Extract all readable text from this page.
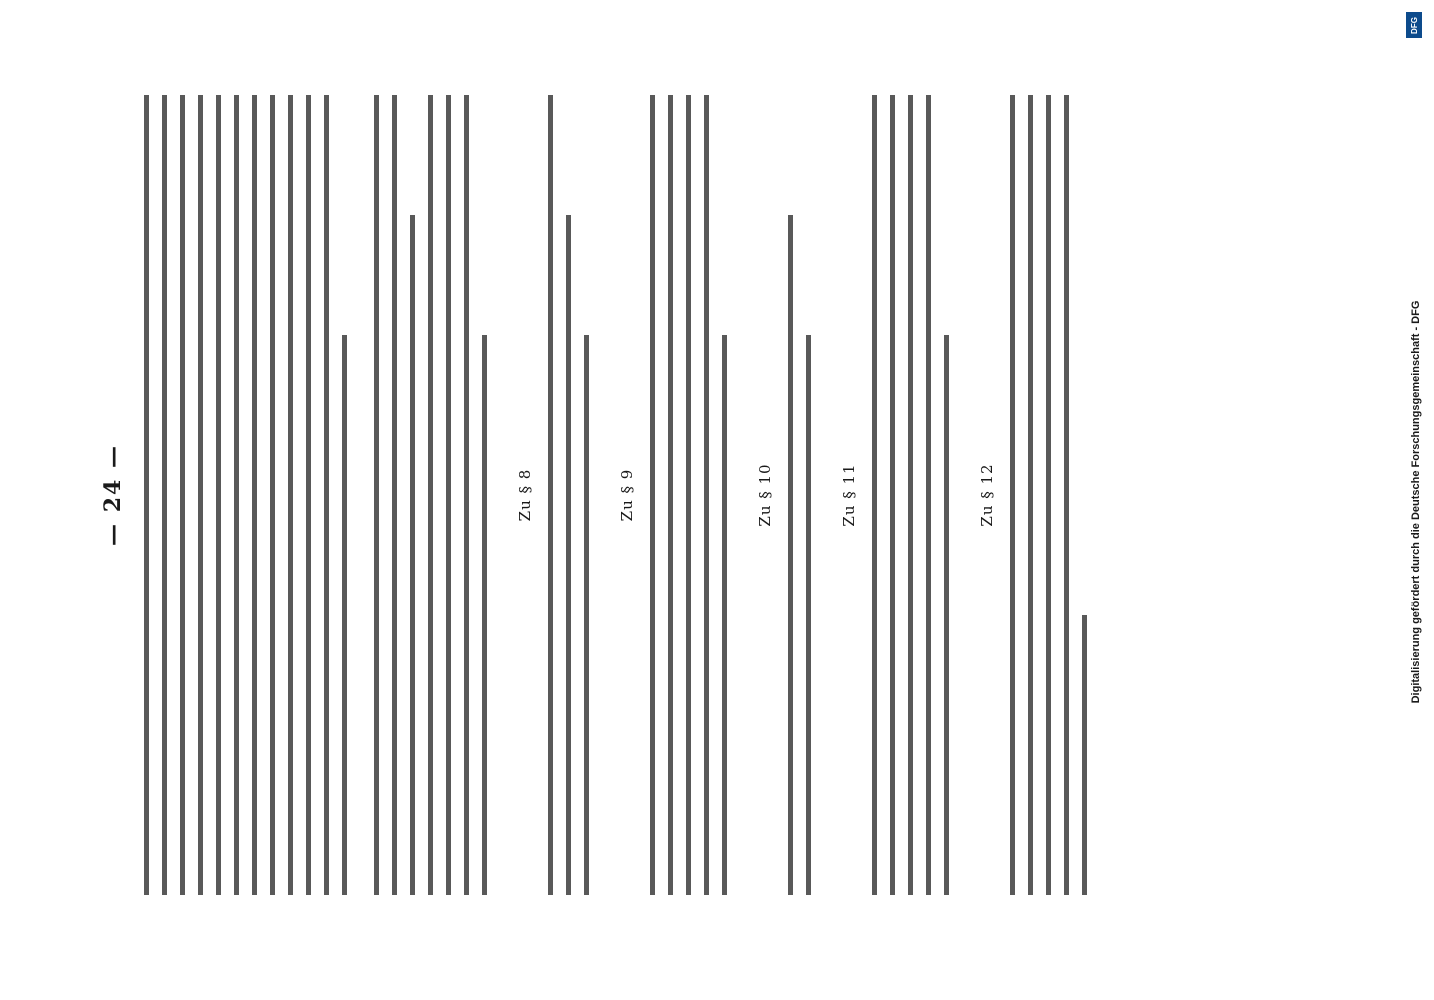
— 24 —	Zu § 8	Zu § 9	Zu § 10	Zu § 11	Zu § 12
DFG
Digitalisierung gefördert durch die Deutsche Forschungsgemeinschaft - DFG
